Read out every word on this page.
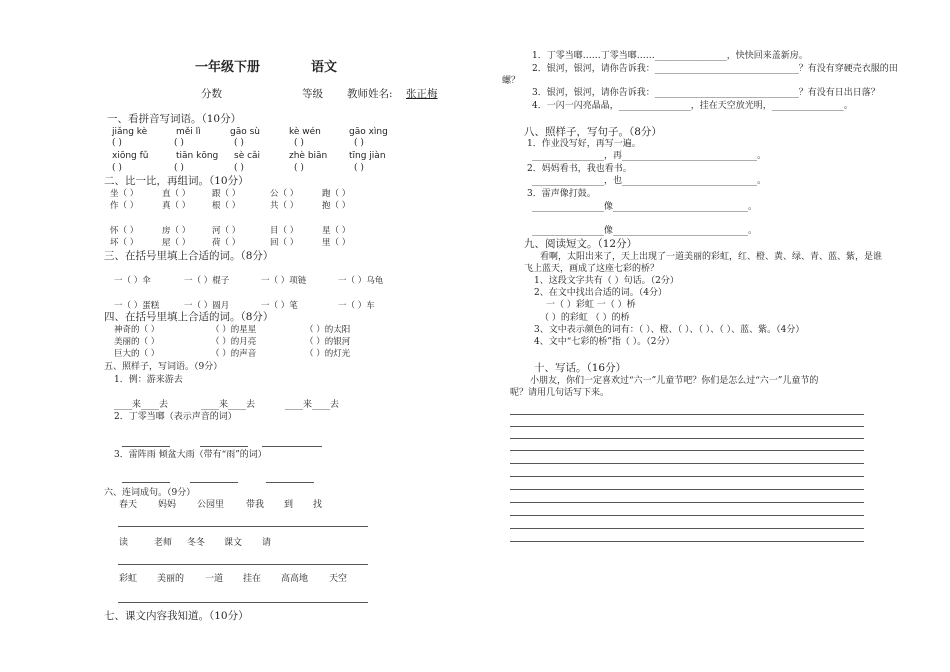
一年级下册	语文
分数	等级 教师姓名: 张正梅
一、看拼音写词语。（10分）
jiǎng kè	měi lì	gāo sù	kè wén	gāo xìng
( )	( )	( )	( )	( )
xiōng fǔ	tiān kōng	sè cǎi	zhè biān	tīng jiàn
( )	( )	( )	( )	( )
二、比一比，再组词。（10分）
坐（ ）	直（ ）	跟（ ）	公（ ）	跑（ ）
作（ ）	真（ ）	根（ ）	共（ ）	抱（ ）
怀（ ）	房（ ）	河（ ）	目（ ）	星（ ）
坏（ ）	屋（ ）	荷（ ）	回（ ）	里（ ）
三、在括号里填上合适的词。（8分）
一（ ）伞	一（ ）棍子	一（ ）项链	一（ ）乌龟
一（ ）蛋糕	一（ ）圆月	一（ ）笔	一（ ）车
四、在括号里填上合适的词。（8分）
神奇的（ ）	（ ）的星星	（ ）的太阳
美丽的（ ）	（ ）的月亮	（ ）的银河
巨大的（ ）	（ ）的声音	（ ）的灯光
五、照样子，写词语。（9分）
1．例：游来游去
____来____去	____来____去	____来____去
2．丁零当啷（表示声音的词）
3．雷阵雨 倾盆大雨（带有“雨”的词）
六、连词成句。（9分）
春天	妈妈	公园里	带我	到	找
读	老师	冬冬	课文	请
彩虹	美丽的	一道	挂在	高高地	天空
七、课文内容我知道。（10分）
1．丁零当啷……丁零当啷……________________，快快回来盖新房。
2．银河，银河，请你告诉我：________________________________？有没有穿硬壳衣服的田
螺？
3．银河，银河，请你告诉我：________________________________？有没有日出日落？
4．一闪一闪亮晶晶，________________，挂在天空放光明，________________。
八、照样子，写句子。（8分）
1．作业没写好，再写一遍。
________________，再______________________________。
2．妈妈看书，我也看书。
________________，也______________________________。
3．雷声像打鼓。
________________像______________________________。
________________像______________________________。
九、阅读短文。（12分）
看啊，太阳出来了，天上出现了一道美丽的彩虹，红、橙、黄、绿、青、蓝、紫，是谁
飞上蓝天，画成了这座七彩的桥？
1、这段文字共有（ ）句话。（2分）
2、在文中找出合适的词。（4分）
一（ ）彩虹 一（ ）桥
（ ）的彩虹 （ ）的桥
3、文中表示颜色的词有：（ ）、橙、（ ）、（ ）、（ ）、蓝、紫。（4分）
4、文中“七彩的桥”指（ ）。（2分）
十、写话。（16分）
小朋友，你们一定喜欢过“六一”儿童节吧？你们是怎么过“六一”儿童节的
呢？请用几句话写下来。
